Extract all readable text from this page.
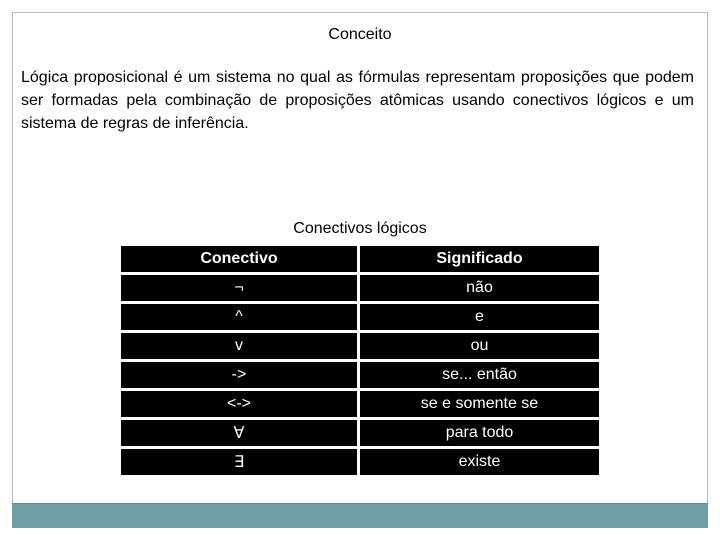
Conceito
Lógica proposicional é um sistema no qual as fórmulas representam proposições que podem ser formadas pela combinação de proposições atômicas usando conectivos lógicos e um sistema de regras de inferência.
Conectivos lógicos
Conectivo	Significado
¬	não
^	e
v	ou
->	se... então
<->	se e somente se
∀	para todo
∃	existe
